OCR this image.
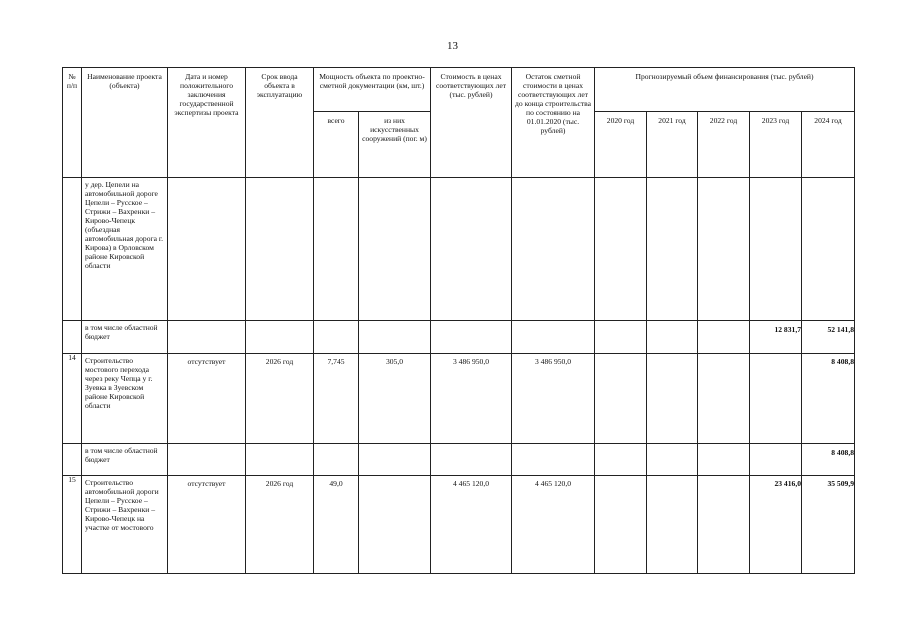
13
№ п/п	Наименование проекта (объекта)	Дата и номер положительного заключения государственной экспертизы проекта	Срок ввода объекта в эксплуатацию	Мощность объекта по проектно-сметной документации (км, шт.)		Стоимость в ценах соответствующих лет (тыс. рублей)	Остаток сметной стоимости в ценах соответствующих лет до конца строительства по состоянию на 01.01.2020 (тыс. рублей)	Прогнозируемый объем финансирования (тыс. рублей)				

				всего	из них искусственных сооружений (пог. м)			2020 год	2021 год	2022 год	2023 год	2024 год

	у дер. Цепели на автомобильной дороге Цепели – Русское – Стрижи – Вахренки – Кирово-Чепецк (объездная автомобильная дорога г. Кирова) в Орловском районе Кировской области											

	в том числе областной бюджет										12 831,7	52 141,8

14	Строительство мостового перехода через реку Чепца у г. Зуевка в Зуевском районе Кировской области	отсутствует	2026 год	7,745	305,0	3 486 950,0	3 486 950,0					8 408,8

	в том числе областной бюджет											8 408,8

15	Строительство автомобильной дороги Цепели – Русское – Стрижи – Вахренки – Кирово-Чепецк на участке от мостового	отсутствует	2026 год	49,0		4 465 120,0	4 465 120,0				23 416,0	35 509,9
